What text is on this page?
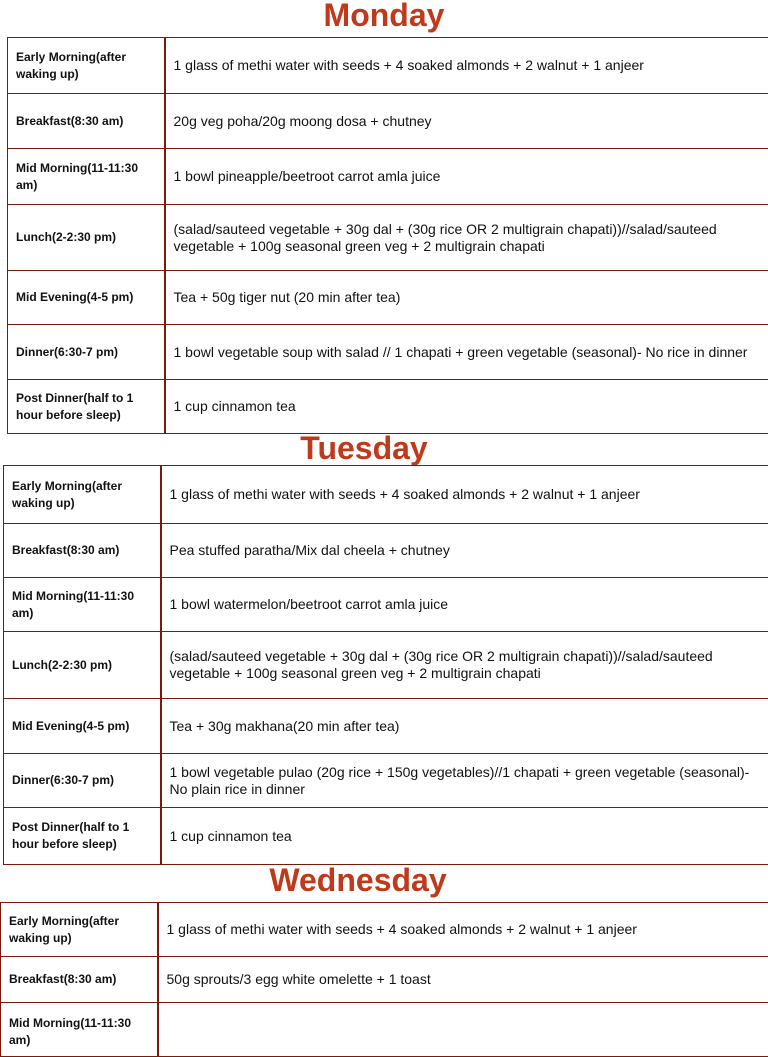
Monday
Early Morning(after waking up)	1 glass of methi water with seeds + 4 soaked almonds + 2 walnut + 1 anjeer
Breakfast(8:30 am)	20g veg poha/20g moong dosa + chutney
Mid Morning(11-11:30 am)	1 bowl pineapple/beetroot carrot amla juice
Lunch(2-2:30 pm)	(salad/sauteed vegetable + 30g dal + (30g rice OR 2 multigrain chapati))//salad/sauteed vegetable + 100g seasonal green veg + 2 multigrain chapati
Mid Evening(4-5 pm)	Tea + 50g tiger nut (20 min after tea)
Dinner(6:30-7 pm)	1 bowl vegetable soup with salad // 1 chapati + green vegetable (seasonal)- No rice in dinner
Post Dinner(half to 1 hour before sleep)	1 cup cinnamon tea
Tuesday
Early Morning(after waking up)	1 glass of methi water with seeds + 4 soaked almonds + 2 walnut + 1 anjeer
Breakfast(8:30 am)	Pea stuffed paratha/Mix dal cheela + chutney
Mid Morning(11-11:30 am)	1 bowl watermelon/beetroot carrot amla juice
Lunch(2-2:30 pm)	(salad/sauteed vegetable + 30g dal + (30g rice OR 2 multigrain chapati))//salad/sauteed vegetable + 100g seasonal green veg + 2 multigrain chapati
Mid Evening(4-5 pm)	Tea + 30g makhana(20 min after tea)
Dinner(6:30-7 pm)	1 bowl vegetable pulao (20g rice + 150g vegetables)//1 chapati + green vegetable (seasonal)- No plain rice in dinner
Post Dinner(half to 1 hour before sleep)	1 cup cinnamon tea
Wednesday
Early Morning(after waking up)	1 glass of methi water with seeds + 4 soaked almonds + 2 walnut + 1 anjeer
Breakfast(8:30 am)	50g sprouts/3 egg white omelette + 1 toast
Mid Morning(11-11:30 am)	
